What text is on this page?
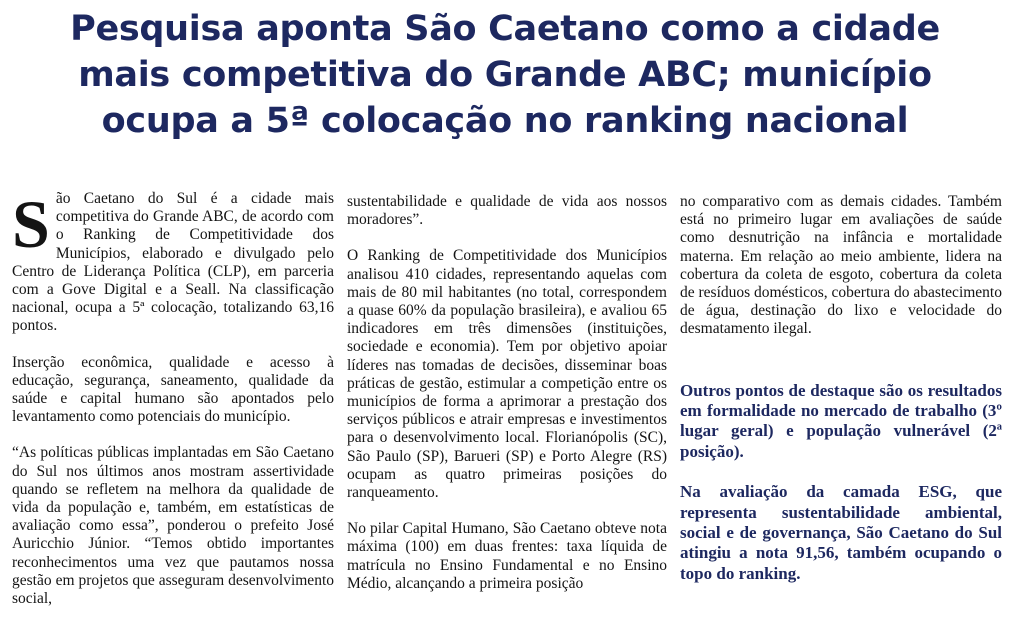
Pesquisa aponta São Caetano como a cidade
mais competitiva do Grande ABC; município
ocupa a 5ª colocação no ranking nacional

São Caetano do Sul é a cidade mais competitiva do Grande ABC, de acordo com o Ranking de Competitividade dos Municípios, elaborado e divulgado pelo Centro de Liderança Política (CLP), em parceria com a Gove Digital e a Seall. Na classificação nacional, ocupa a 5ª colocação, totalizando 63,16 pontos.

Inserção econômica, qualidade e acesso à educação, segurança, saneamento, qualidade da saúde e capital humano são apontados pelo levantamento como potenciais do município.

“As políticas públicas implantadas em São Caetano do Sul nos últimos anos mostram assertividade quando se refletem na melhora da qualidade de vida da população e, também, em estatísticas de avaliação como essa”, ponderou o prefeito José Auricchio Júnior. “Temos obtido importantes reconhecimentos uma vez que pautamos nossa gestão em projetos que asseguram desenvolvimento social,

sustentabilidade e qualidade de vida aos nossos moradores”.

O Ranking de Competitividade dos Municípios analisou 410 cidades, representando aquelas com mais de 80 mil habitantes (no total, correspondem a quase 60% da população brasileira), e avaliou 65 indicadores em três dimensões (instituições, sociedade e economia). Tem por objetivo apoiar líderes nas tomadas de decisões, disseminar boas práticas de gestão, estimular a competição entre os municípios de forma a aprimorar a prestação dos serviços públicos e atrair empresas e investimentos para o desenvolvimento local. Florianópolis (SC), São Paulo (SP), Barueri (SP) e Porto Alegre (RS) ocupam as quatro primeiras posições do ranqueamento.

No pilar Capital Humano, São Caetano obteve nota máxima (100) em duas frentes: taxa líquida de matrícula no Ensino Fundamental e no Ensino Médio, alcançando a primeira posição

no comparativo com as demais cidades. Também está no primeiro lugar em avaliações de saúde como desnutrição na infância e mortalidade materna. Em relação ao meio ambiente, lidera na cobertura da coleta de esgoto, cobertura da coleta de resíduos domésticos, cobertura do abastecimento de água, destinação do lixo e velocidade do desmatamento ilegal.

Outros pontos de destaque são os resultados em formalidade no mercado de trabalho (3º lugar geral) e população vulnerável (2ª posição).

Na avaliação da camada ESG, que representa sustentabilidade ambiental, social e de governança, São Caetano do Sul atingiu a nota 91,56, também ocupando o topo do ranking.
